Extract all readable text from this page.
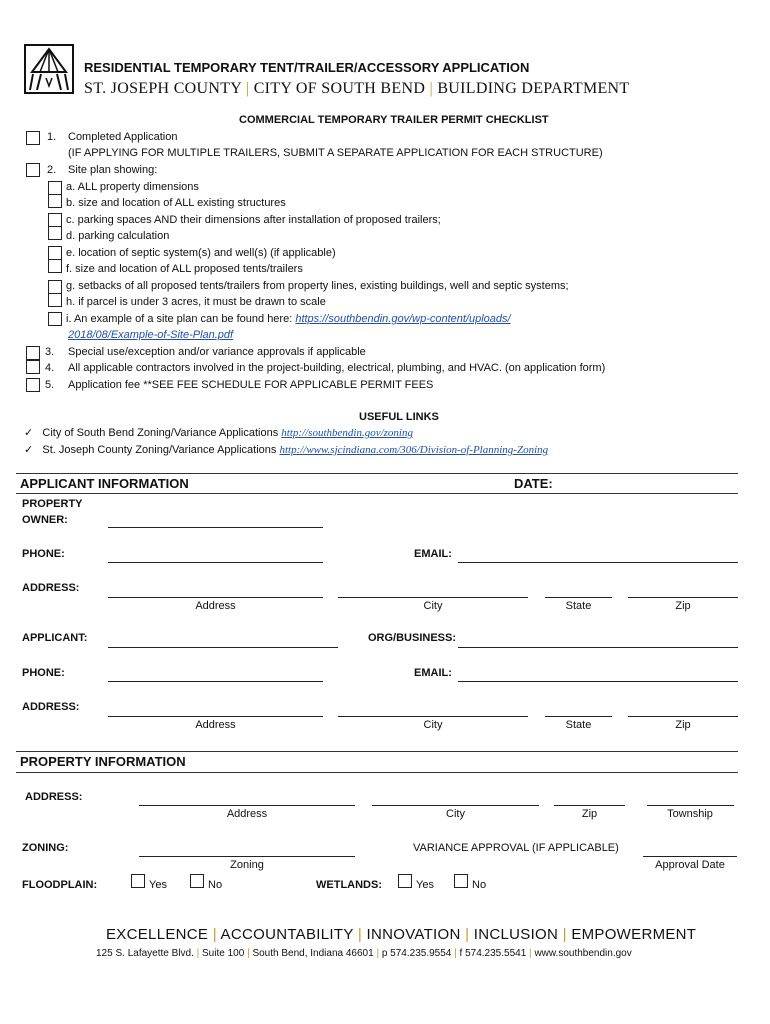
RESIDENTIAL TEMPORARY TENT/TRAILER/ACCESSORY APPLICATION
ST. JOSEPH COUNTY | CITY OF SOUTH BEND | BUILDING DEPARTMENT
COMMERCIAL TEMPORARY TRAILER PERMIT CHECKLIST
1. Completed Application
(IF APPLYING FOR MULTIPLE TRAILERS, SUBMIT A SEPARATE APPLICATION FOR EACH STRUCTURE)
2. Site plan showing:
a. ALL property dimensions
b. size and location of ALL existing structures
c. parking spaces AND their dimensions after installation of proposed trailers;
d. parking calculation
e. location of septic system(s) and well(s) (if applicable)
f. size and location of ALL proposed tents/trailers
g. setbacks of all proposed tents/trailers from property lines, existing buildings, well and septic systems;
h. if parcel is under 3 acres, it must be drawn to scale
i. An example of a site plan can be found here: https://southbendin.gov/wp-content/uploads/
2018/08/Example-of-Site-Plan.pdf
3. Special use/exception and/or variance approvals if applicable
4. All applicable contractors involved in the project-building, electrical, plumbing, and HVAC. (on application form)
5. Application fee **SEE FEE SCHEDULE FOR APPLICABLE PERMIT FEES
USEFUL LINKS
✓ City of South Bend Zoning/Variance Applications http://southbendin.gov/zoning
✓ St. Joseph County Zoning/Variance Applications http://www.sjcindiana.com/306/Division-of-Planning-Zoning
APPLICANT INFORMATION	DATE:
PROPERTY
OWNER:
PHONE:	EMAIL:
ADDRESS:
Address	City	State	Zip
APPLICANT:	ORG/BUSINESS:
PHONE:	EMAIL:
ADDRESS:
Address	City	State	Zip
PROPERTY INFORMATION
ADDRESS:
Address	City	Zip	Township
ZONING:
Zoning
VARIANCE APPROVAL (IF APPLICABLE)
Approval Date
FLOODPLAIN:	Yes	No	WETLANDS:	Yes	No
EXCELLENCE | ACCOUNTABILITY | INNOVATION | INCLUSION | EMPOWERMENT
125 S. Lafayette Blvd. | Suite 100 | South Bend, Indiana 46601 | p 574.235.9554 | f 574.235.5541 | www.southbendin.gov
